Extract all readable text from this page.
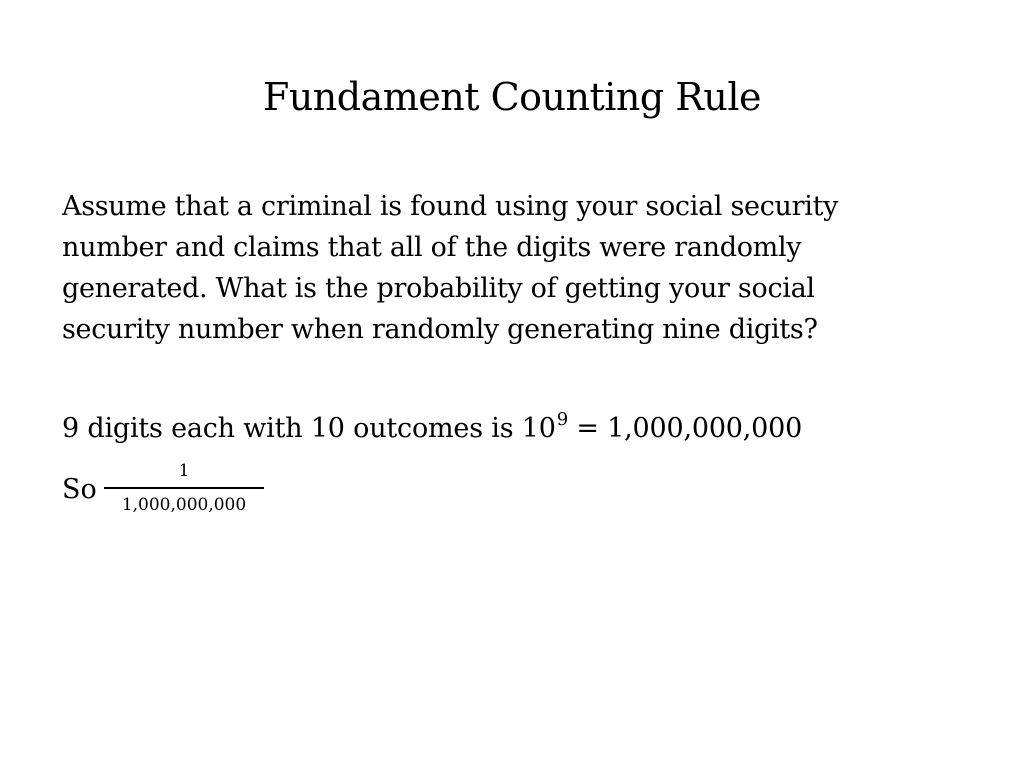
Fundament Counting Rule

Assume that a criminal is found using your social security
number and claims that all of the digits were randomly
generated. What is the probability of getting your social
security number when randomly generating nine digits?

9 digits each with 10 outcomes is $10^9 = 1,000,000,000$

So
1
1,000,000,000
